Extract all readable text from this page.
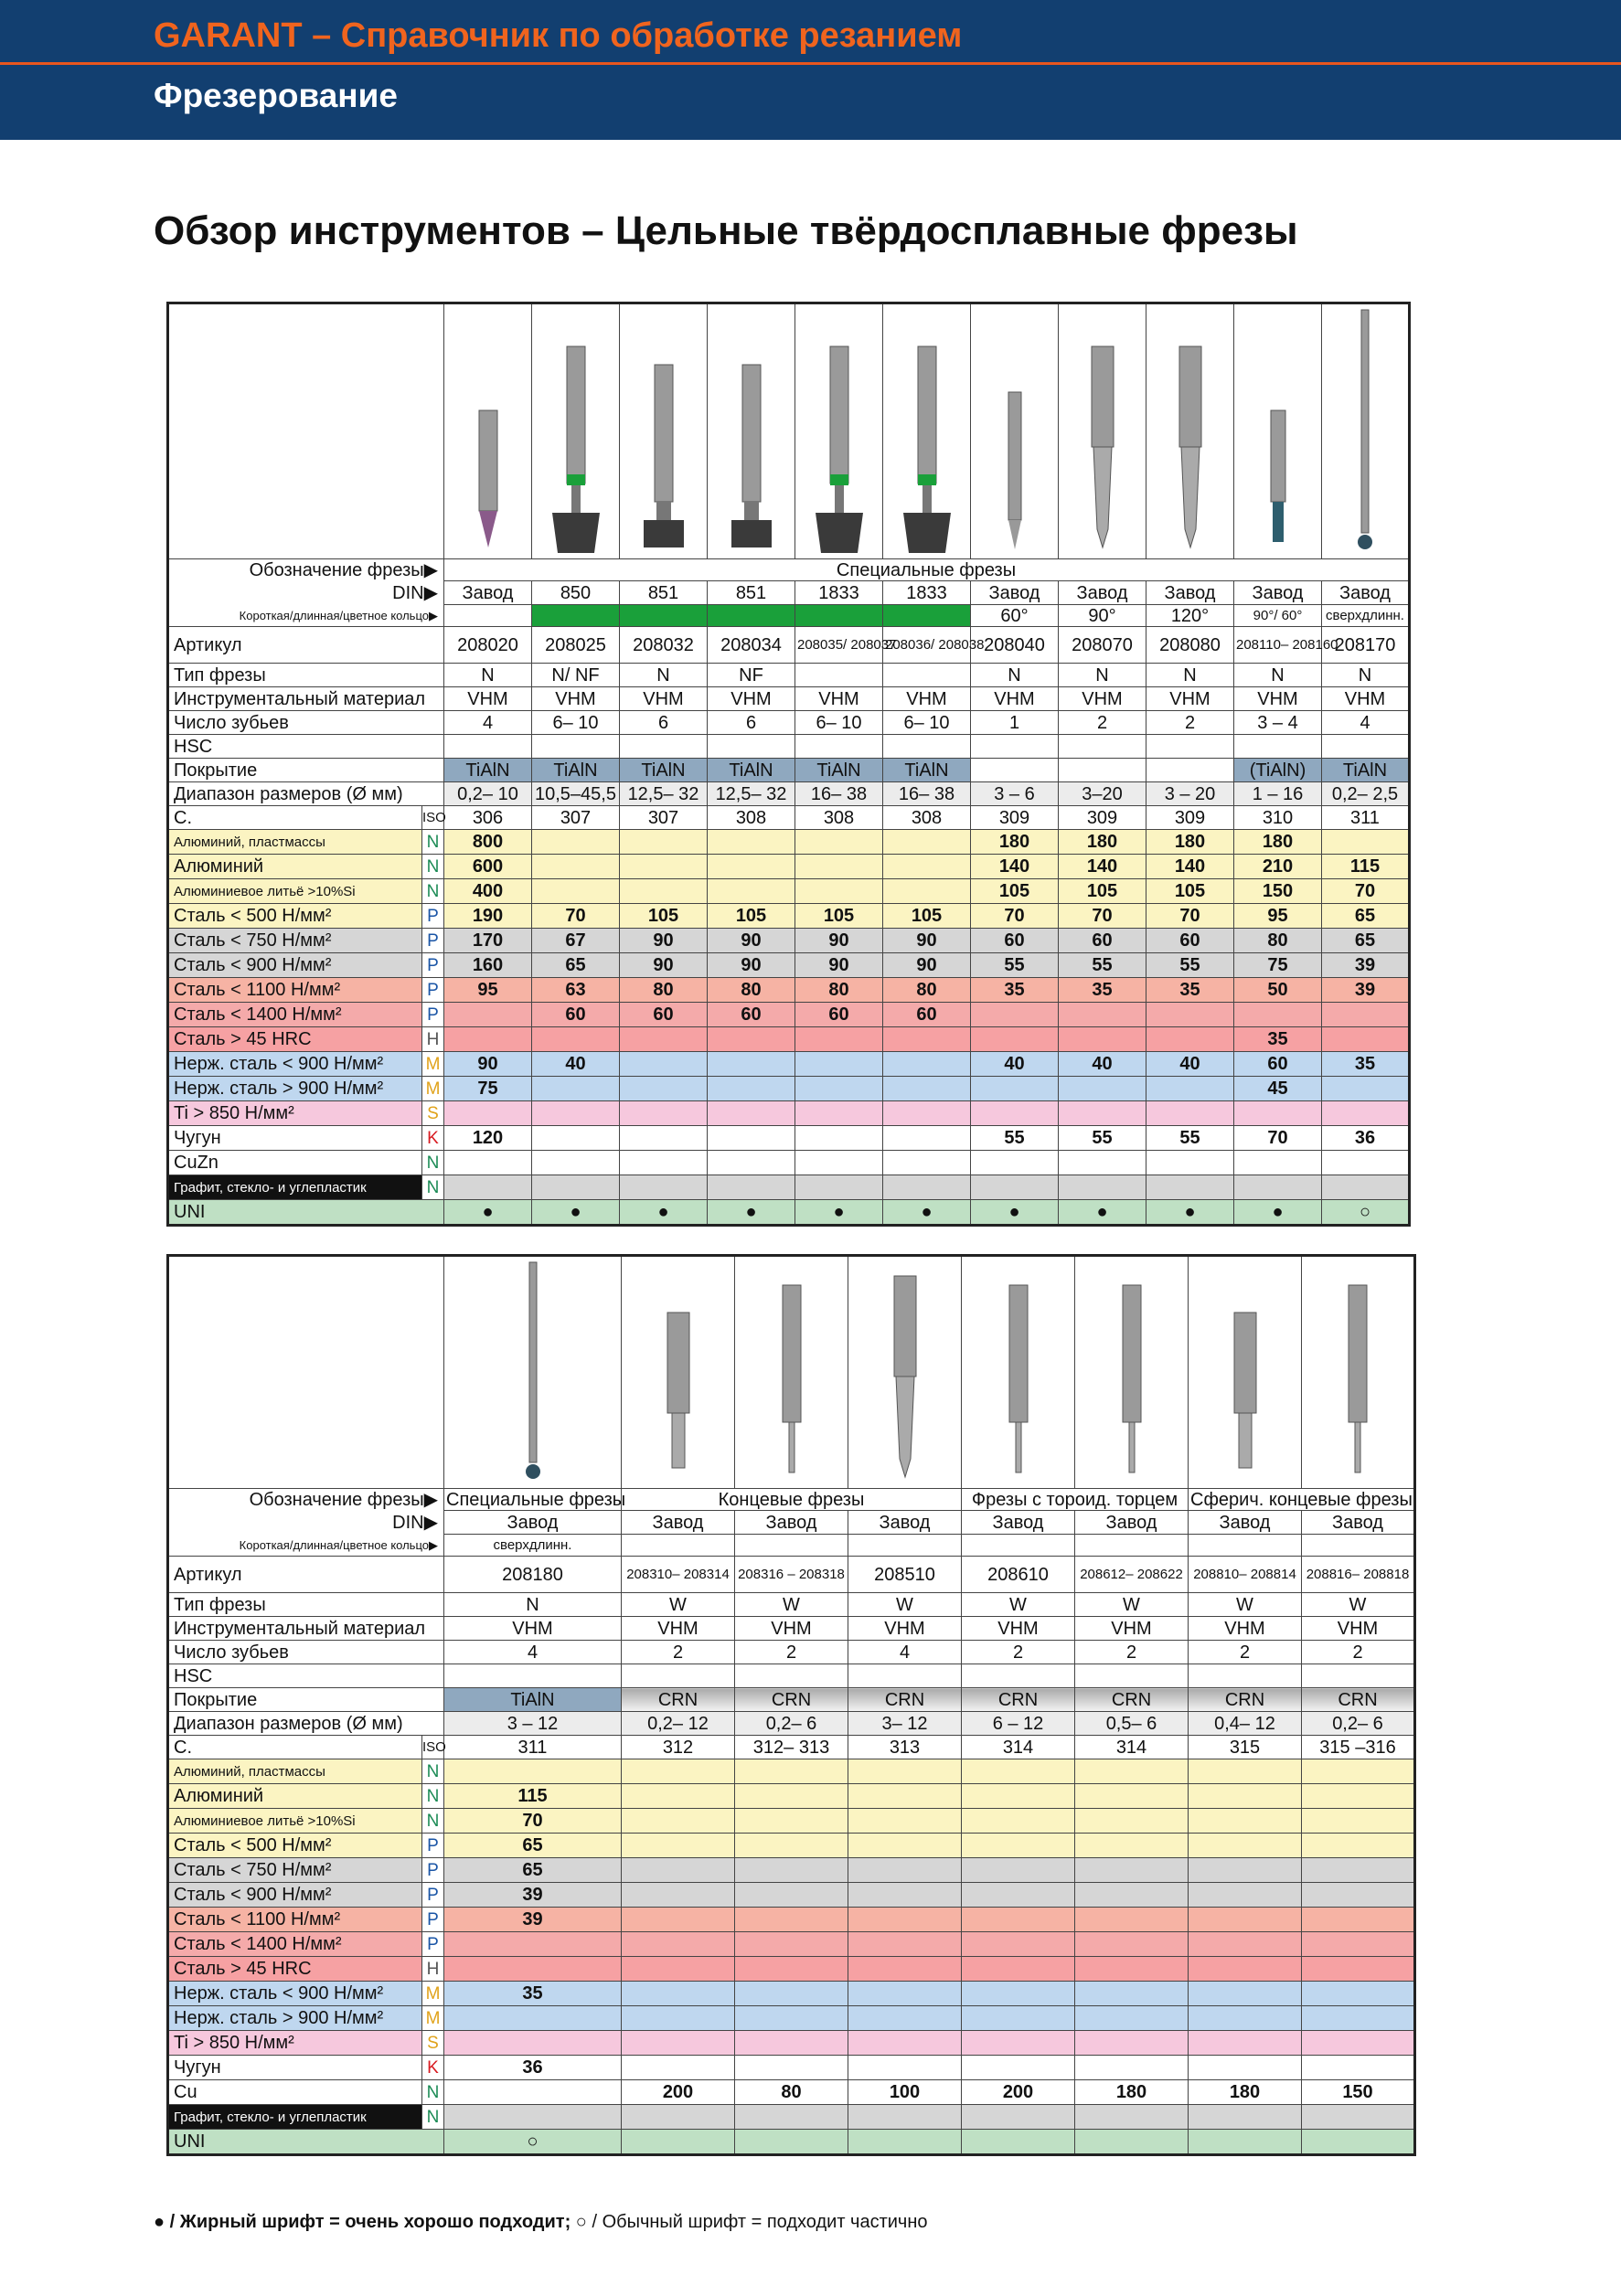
GARANT – Справочник по обработке резанием
Фрезерование
Обзор инструментов – Цельные твёрдосплавные фрезы

Обозначение фрезы▶		Специальные фрезы										
DIN▶		Завод	850	851	851	1833	1833	Завод	Завод	Завод	Завод	Завод
Короткая/длинная/цветное кольцо▶								60°	90°	120°	90°/ 60°	сверхдлинн.
Артикул		208020	208025	208032	208034	208035/ 208037	208036/ 208038	208040	208070	208080	208110– 208160	208170
Тип фрезы		N	N/ NF	N	NF			N	N	N	N	N
Инструментальный материал		VHM	VHM	VHM	VHM	VHM	VHM	VHM	VHM	VHM	VHM	VHM
Число зубьев		4	6– 10	6	6	6– 10	6– 10	1	2	2	3 – 4	4
HSC												
Покрытие		TiAlN	TiAlN	TiAlN	TiAlN	TiAlN	TiAlN				(TiAlN)	TiAlN
Диапазон размеров (Ø мм)		0,2– 10	10,5–45,5	12,5– 32	12,5– 32	16– 38	16– 38	3 – 6	3–20	3 – 20	1 – 16	0,2– 2,5
С.	ISO	306	307	307	308	308	308	309	309	309	310	311
Алюминий, пластмассы	N	800						180	180	180	180	
Алюминий	N	600						140	140	140	210	115
Алюминиевое литьё >10%Si	N	400						105	105	105	150	70
Сталь < 500 Н/мм²	P	190	70	105	105	105	105	70	70	70	95	65
Сталь < 750 Н/мм²	P	170	67	90	90	90	90	60	60	60	80	65
Сталь < 900 Н/мм²	P	160	65	90	90	90	90	55	55	55	75	39
Сталь < 1100 Н/мм²	P	95	63	80	80	80	80	35	35	35	50	39
Сталь < 1400 Н/мм²	P		60	60	60	60	60					
Сталь > 45 HRC	H										35	
Нерж. сталь < 900 Н/мм²	M	90	40					40	40	40	60	35
Нерж. сталь > 900 Н/мм²	M	75									45	
Ti > 850 Н/мм²	S											
Чугун	K	120						55	55	55	70	36
CuZn	N											
Графит, стекло- и углепластик	N											
UNI		●	●	●	●	●	●	●	●	●	●	○

Обозначение фрезы▶		Специальные фрезы	Концевые фрезы			Фрезы с тороид. торцем		Сферич. концевые фрезы	
DIN▶		Завод	Завод	Завод	Завод	Завод	Завод	Завод	Завод
Короткая/длинная/цветное кольцо▶		сверхдлинн.							
Артикул		208180	208310– 208314	208316 – 208318	208510	208610	208612– 208622	208810– 208814	208816– 208818
Тип фрезы		N	W	W	W	W	W	W	W
Инструментальный материал		VHM	VHM	VHM	VHM	VHM	VHM	VHM	VHM
Число зубьев		4	2	2	4	2	2	2	2
HSC									
Покрытие		TiAlN	CRN	CRN	CRN	CRN	CRN	CRN	CRN
Диапазон размеров (Ø мм)		3 – 12	0,2– 12	0,2– 6	3– 12	6 – 12	0,5– 6	0,4– 12	0,2– 6
С.	ISO	311	312	312– 313	313	314	314	315	315 –316
Алюминий, пластмассы	N								
Алюминий	N	115							
Алюминиевое литьё >10%Si	N	70							
Сталь < 500 Н/мм²	P	65							
Сталь < 750 Н/мм²	P	65							
Сталь < 900 Н/мм²	P	39							
Сталь < 1100 Н/мм²	P	39							
Сталь < 1400 Н/мм²	P								
Сталь > 45 HRC	H								
Нерж. сталь < 900 Н/мм²	M	35							
Нерж. сталь > 900 Н/мм²	M								
Ti > 850 Н/мм²	S								
Чугун	K	36							
Cu	N		200	80	100	200	180	180	150
Графит, стекло- и углепластик	N								
UNI		○							
● / Жирный шрифт = очень хорошо подходит; ○ / Обычный шрифт = подходит частично
